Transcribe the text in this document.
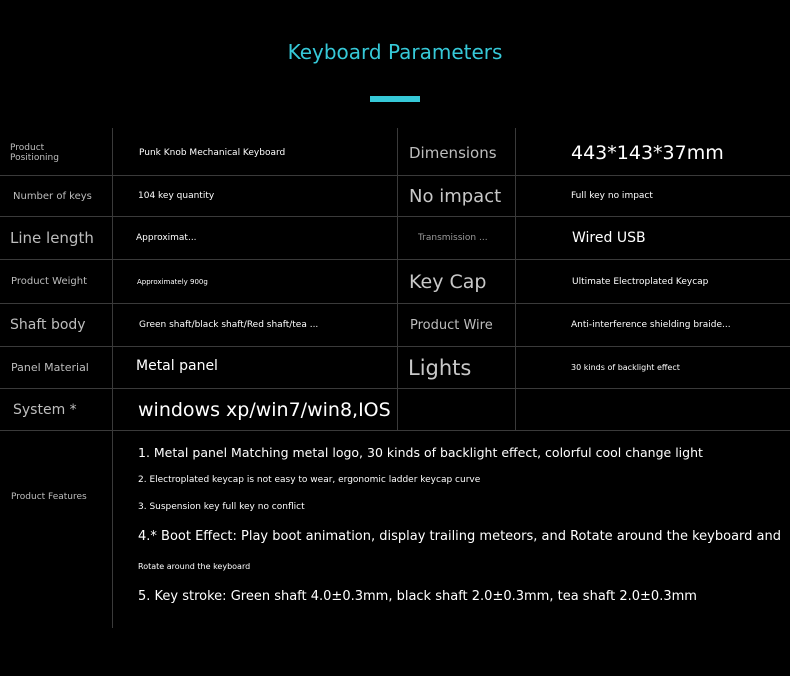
Keyboard Parameters
Product
Positioning	Punk Knob Mechanical Keyboard	Dimensions	443*143*37mm
Number of keys	104 key quantity	No impact	Full key no impact
Line length	Approximat...	Transmission ...	Wired USB
Product Weight	Approximately 900g	Key Cap	Ultimate Electroplated Keycap
Shaft body	Green shaft/black shaft/Red shaft/tea ...	Product Wire	Anti-interference shielding braide...
Panel Material	Metal panel	Lights	30 kinds of backlight effect
System *	windows xp/win7/win8,IOS
Product Features
1. Metal panel Matching metal logo, 30 kinds of backlight effect, colorful cool change light
2. Electroplated keycap is not easy to wear, ergonomic ladder keycap curve
3. Suspension key full key no conflict
4.* Boot Effect: Play boot animation, display trailing meteors, and Rotate around the keyboard and
Rotate around the keyboard
5. Key stroke: Green shaft 4.0±0.3mm, black shaft 2.0±0.3mm, tea shaft 2.0±0.3mm
